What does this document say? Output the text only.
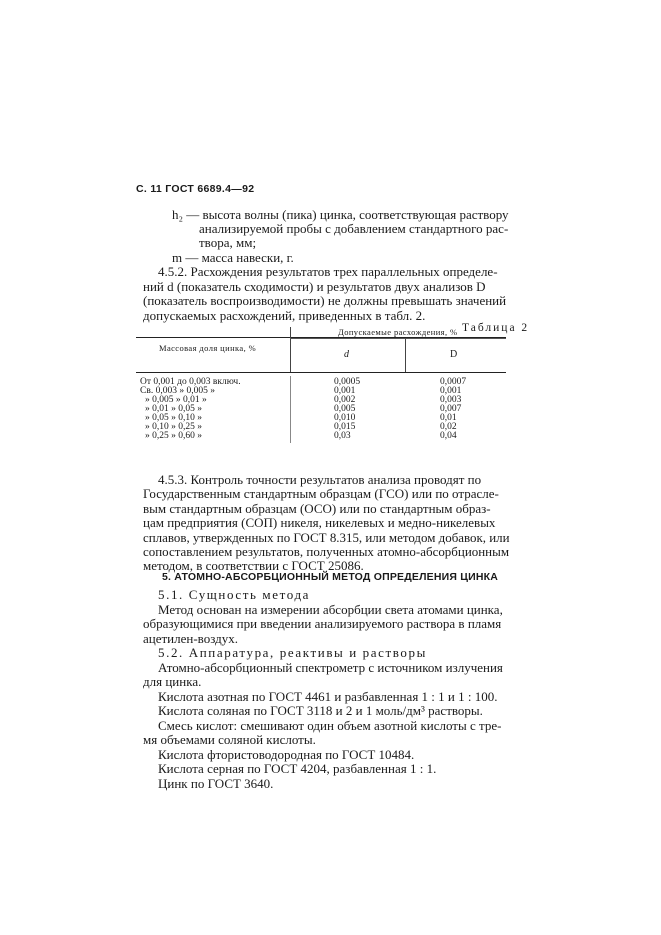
С. 11 ГОСТ 6689.4—92
h₂ — высота волны (пика) цинка, соответствующая раствору
анализируемой пробы с добавлением стандартного рас-
твора, мм;
m — масса навески, г.
4.5.2. Расхождения результатов трех параллельных определе-
ний d (показатель сходимости) и результатов двух анализов D
(показатель воспроизводимости) не должны превышать значений
допускаемых расхождений, приведенных в табл. 2.
Таблица 2
Массовая доля цинка, %
Допускаемые расхождения, %
d	D
От 0,001 до 0,003 включ.	0,0005	0,0007
Св. 0,003 » 0,005 »	0,001	0,001
» 0,005 » 0,01 »	0,002	0,003
» 0,01 » 0,05 »	0,005	0,007
» 0,05 » 0,10 »	0,010	0,01
» 0,10 » 0,25 »	0,015	0,02
» 0,25 » 0,60 »	0,03	0,04
4.5.3. Контроль точности результатов анализа проводят по
Государственным стандартным образцам (ГСО) или по отрасле-
вым стандартным образцам (ОСО) или по стандартным образ-
цам предприятия (СОП) никеля, никелевых и медно-никелевых
сплавов, утвержденных по ГОСТ 8.315, или методом добавок, или
сопоставлением результатов, полученных атомно-абсорбционным
методом, в соответствии с ГОСТ 25086.
5. АТОМНО-АБСОРБЦИОННЫЙ МЕТОД ОПРЕДЕЛЕНИЯ ЦИНКА
5.1. Сущность метода
Метод основан на измерении абсорбции света атомами цинка,
образующимися при введении анализируемого раствора в пламя
ацетилен-воздух.
5.2. Аппаратура, реактивы и растворы
Атомно-абсорбционный спектрометр с источником излучения
для цинка.
Кислота азотная по ГОСТ 4461 и разбавленная 1 : 1 и 1 : 100.
Кислота соляная по ГОСТ 3118 и 2 и 1 моль/дм³ растворы.
Смесь кислот: смешивают один объем азотной кислоты с тре-
мя объемами соляной кислоты.
Кислота фтористоводородная по ГОСТ 10484.
Кислота серная по ГОСТ 4204, разбавленная 1 : 1.
Цинк по ГОСТ 3640.
